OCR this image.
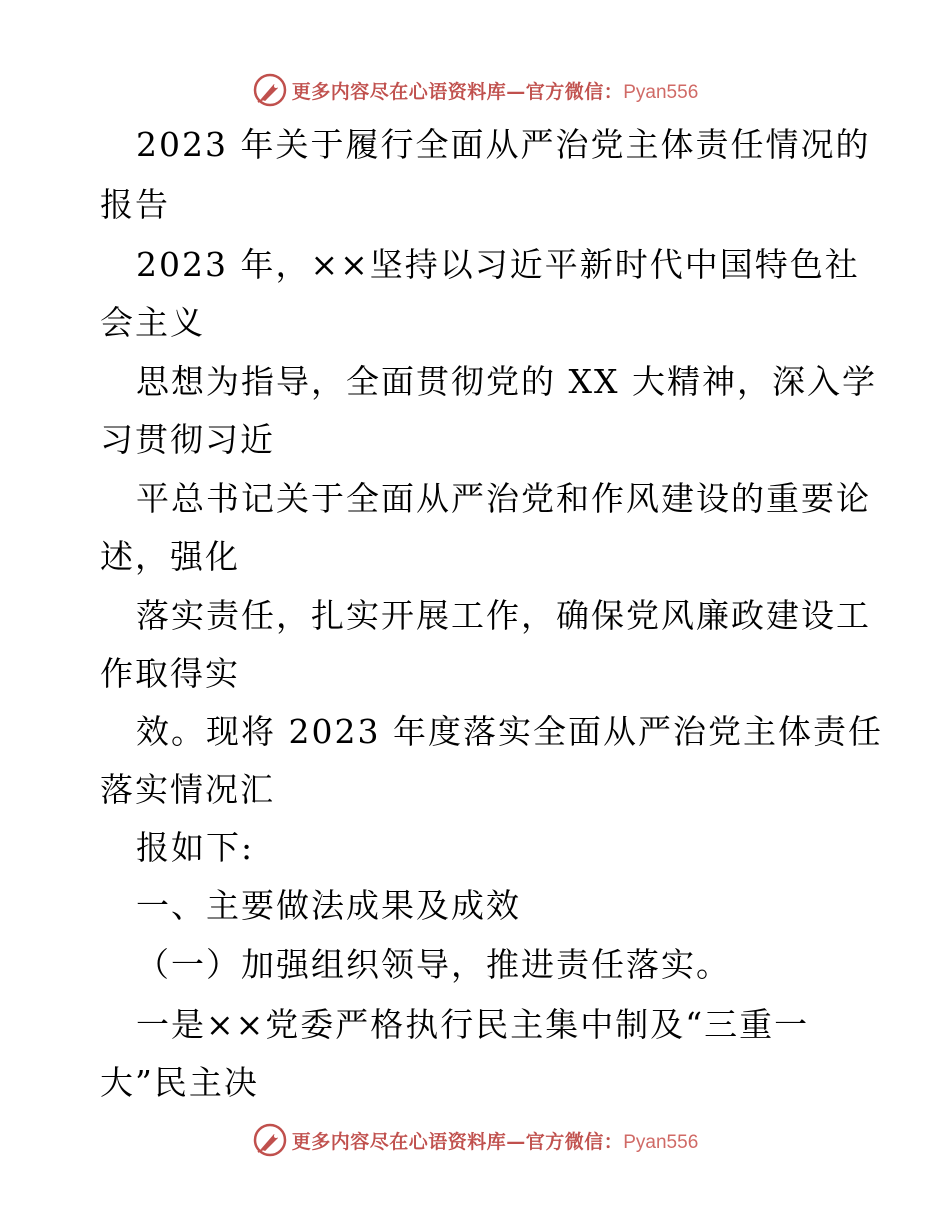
更多内容尽在心语资料库—官方微信：Pyan556
2023 年关于履行全面从严治党主体责任情况的
报告
2023 年，××坚持以习近平新时代中国特色社
会主义
思想为指导，全面贯彻党的 XX 大精神，深入学
习贯彻习近
平总书记关于全面从严治党和作风建设的重要论
述，强化
落实责任，扎实开展工作，确保党风廉政建设工
作取得实
效。现将 2023 年度落实全面从严治党主体责任
落实情况汇
报如下:
一、主要做法成果及成效
（一）加强组织领导，推进责任落实。
一是××党委严格执行民主集中制及“三重一
大”民主决
更多内容尽在心语资料库—官方微信：Pyan556
